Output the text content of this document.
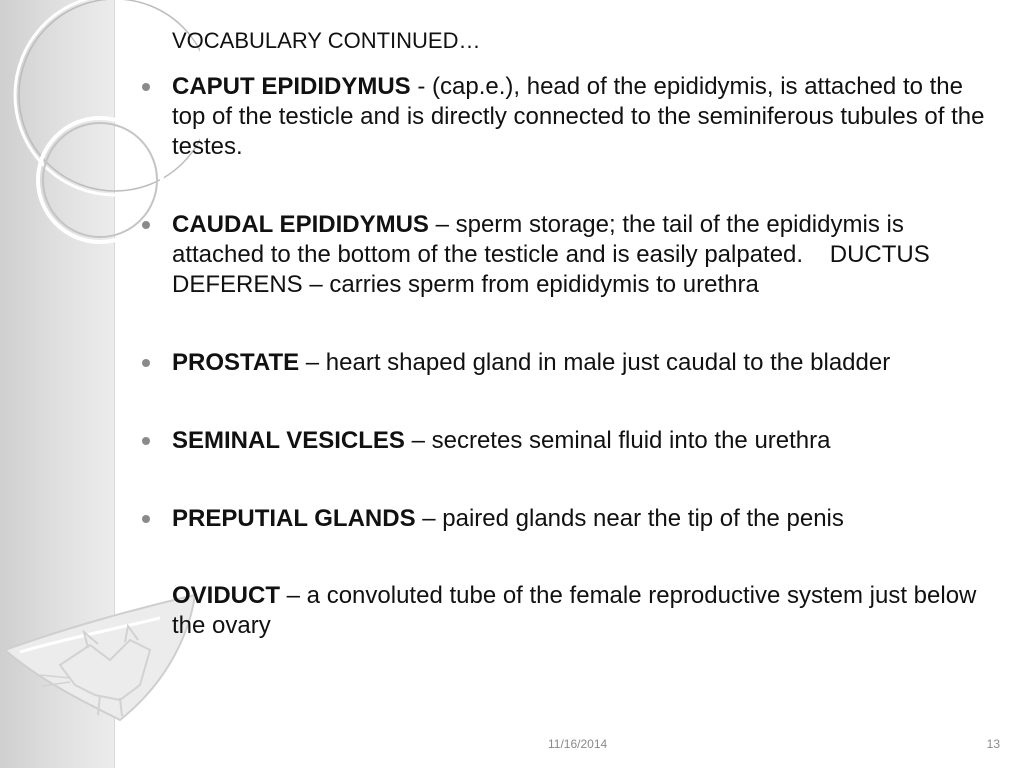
VOCABULARY CONTINUED…
CAPUT EPIDIDYMUS - (cap.e.), head of the epididymis, is attached to the top of the testicle and is directly connected to the seminiferous tubules of the testes.
CAUDAL EPIDIDYMUS – sperm storage; the tail of the epididymis is attached to the bottom of the testicle and is easily palpated.    DUCTUS DEFERENS – carries sperm from epididymis to urethra
PROSTATE – heart shaped gland in male just caudal to the bladder
SEMINAL VESICLES – secretes seminal fluid into the urethra
PREPUTIAL GLANDS – paired glands near the tip of the penis
OVIDUCT – a convoluted tube of the female reproductive system just below the ovary
11/16/2014	13
